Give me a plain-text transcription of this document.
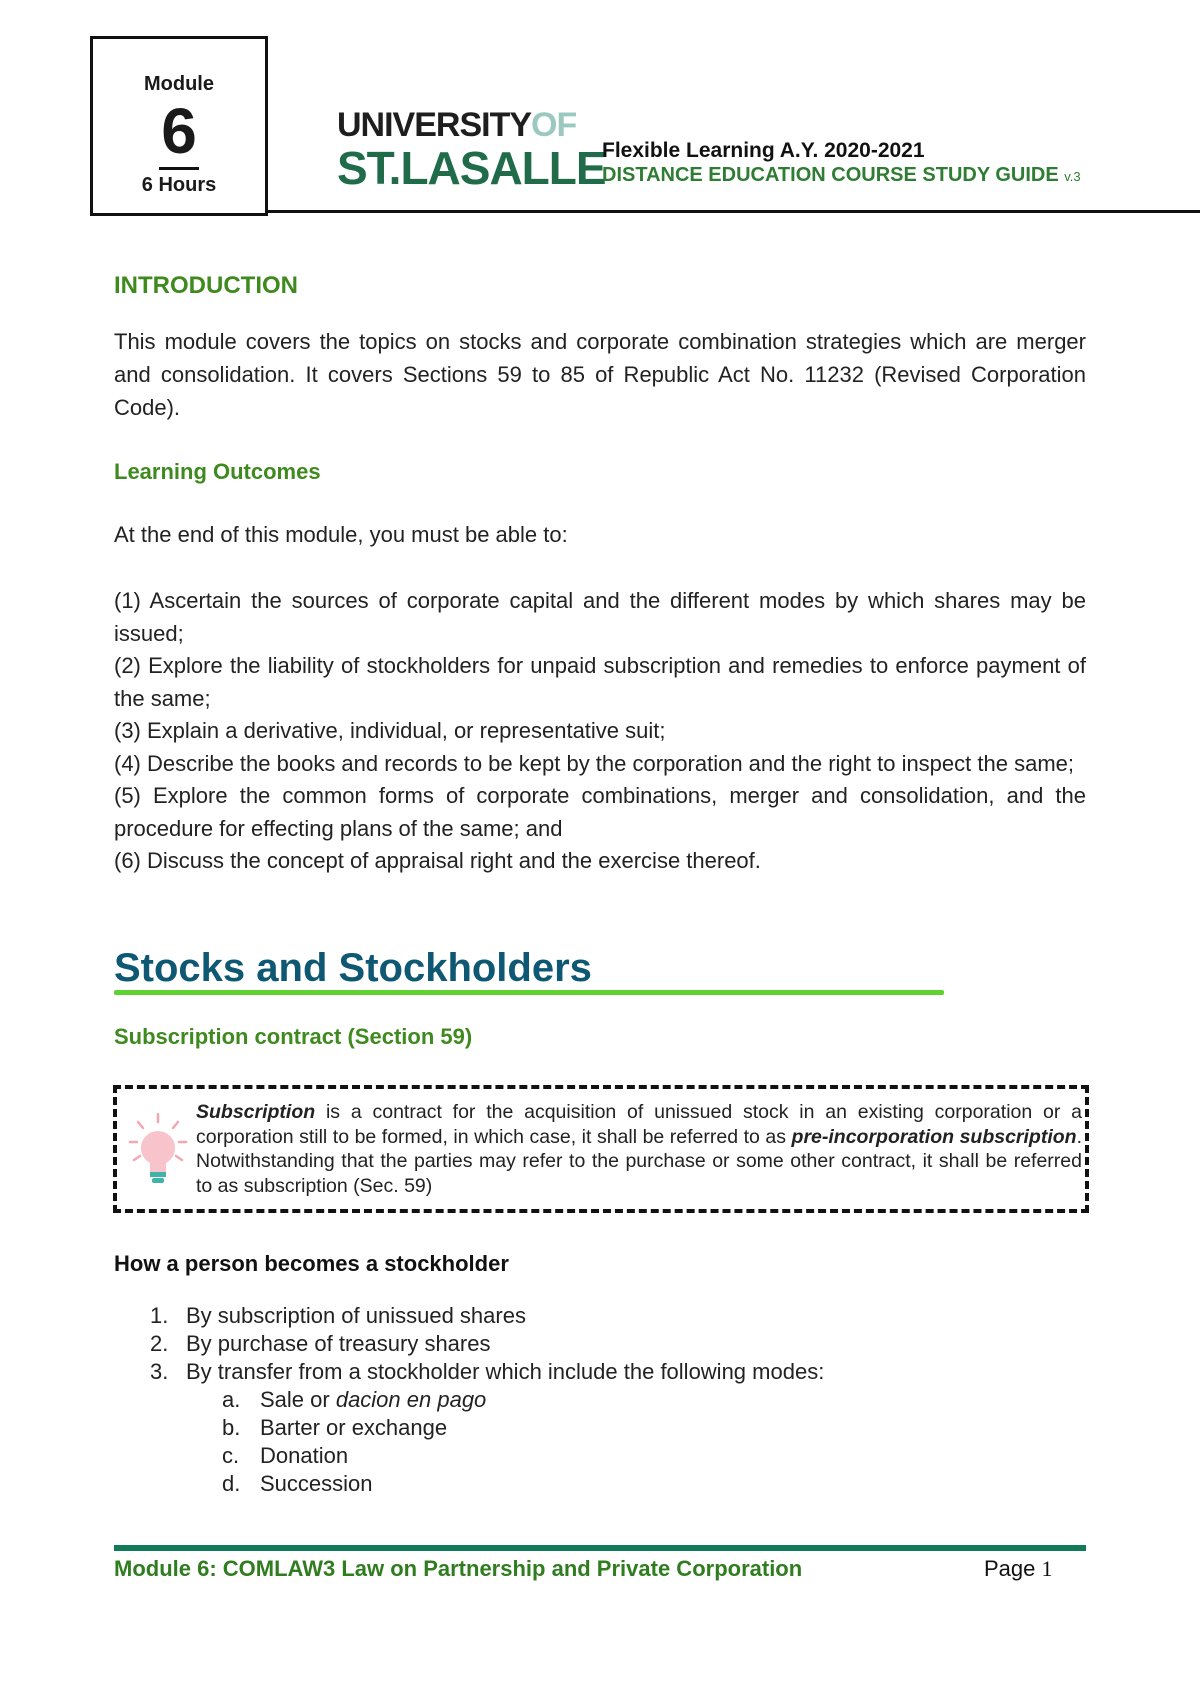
Module
6
6 Hours
UNIVERSITYOF
ST.LASALLE
Flexible Learning A.Y. 2020-2021
DISTANCE EDUCATION COURSE STUDY GUIDE v.3
INTRODUCTION
This module covers the topics on stocks and corporate combination strategies which are merger and consolidation. It covers Sections 59 to 85 of Republic Act No. 11232 (Revised Corporation Code).
Learning Outcomes
At the end of this module, you must be able to:
(1) Ascertain the sources of corporate capital and the different modes by which shares may be issued;
(2) Explore the liability of stockholders for unpaid subscription and remedies to enforce payment of the same;
(3) Explain a derivative, individual, or representative suit;
(4) Describe the books and records to be kept by the corporation and the right to inspect the same;
(5) Explore the common forms of corporate combinations, merger and consolidation, and the procedure for effecting plans of the same; and
(6) Discuss the concept of appraisal right and the exercise thereof.
Stocks and Stockholders
Subscription contract (Section 59)
Subscription is a contract for the acquisition of unissued stock in an existing corporation or a corporation still to be formed, in which case, it shall be referred to as pre-incorporation subscription. Notwithstanding that the parties may refer to the purchase or some other contract, it shall be referred to as subscription (Sec. 59)
How a person becomes a stockholder
1. By subscription of unissued shares
2. By purchase of treasury shares
3. By transfer from a stockholder which include the following modes:
a. Sale or dacion en pago
b. Barter or exchange
c. Donation
d. Succession
Module 6: COMLAW3 Law on Partnership and Private Corporation	Page 1
